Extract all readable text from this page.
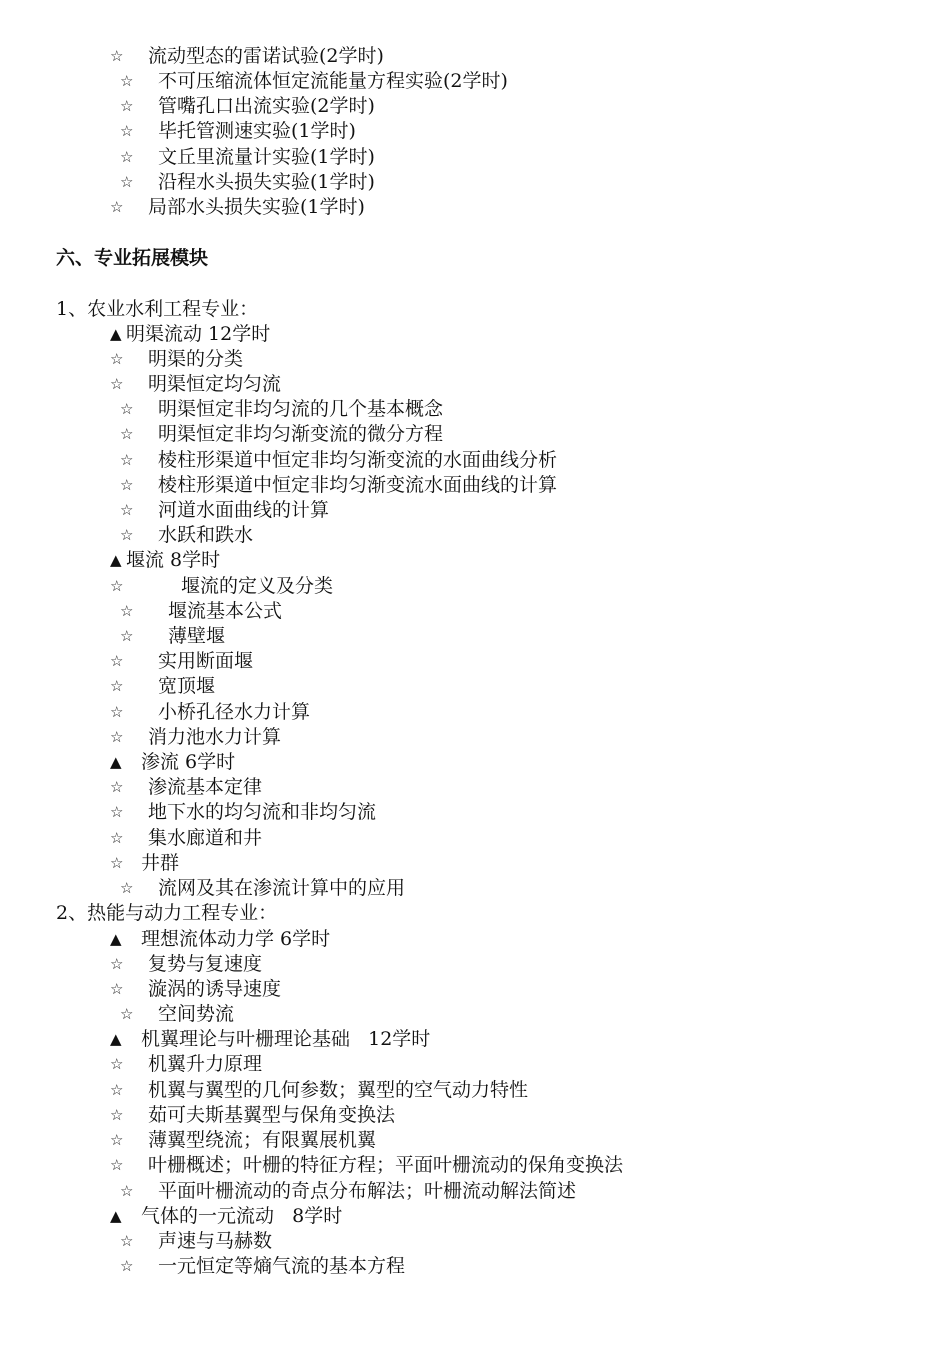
☆

流动型态的雷诺试验(2学时)

☆

不可压缩流体恒定流能量方程实验(2学时)

☆

管嘴孔口出流实验(2学时)

☆

毕托管测速实验(1学时)

☆

文丘里流量计实验(1学时)

☆

沿程水头损失实验(1学时)

☆

局部水头损失实验(1学时)

六、专业拓展模块
1、农业水利工程专业：

▲

明渠流动 12学时

☆

明渠的分类

☆

明渠恒定均匀流

☆

明渠恒定非均匀流的几个基本概念

☆

明渠恒定非均匀渐变流的微分方程

☆

棱柱形渠道中恒定非均匀渐变流的水面曲线分析

☆

棱柱形渠道中恒定非均匀渐变流水面曲线的计算

☆

河道水面曲线的计算

☆

水跃和跌水

▲

堰流 8学时

☆

	堰流的定义及分类

☆

堰流基本公式

☆

薄壁堰

☆

实用断面堰

☆

宽顶堰

☆

小桥孔径水力计算

☆

消力池水力计算

▲

渗流 6学时

☆

渗流基本定律

☆

地下水的均匀流和非均匀流

☆

集水廊道和井

☆

井群

☆

流网及其在渗流计算中的应用

2、热能与动力工程专业：

▲

理想流体动力学 6学时

☆

复势与复速度

☆

漩涡的诱导速度

☆

空间势流

▲

机翼理论与叶栅理论基础   12学时

☆

机翼升力原理

☆

机翼与翼型的几何参数；翼型的空气动力特性

☆

茹可夫斯基翼型与保角变换法

☆

薄翼型绕流；有限翼展机翼

☆

叶栅概述；叶栅的特征方程；平面叶栅流动的保角变换法

☆

平面叶栅流动的奇点分布解法；叶栅流动解法简述

▲

气体的一元流动   8学时

☆

声速与马赫数

☆

一元恒定等熵气流的基本方程
